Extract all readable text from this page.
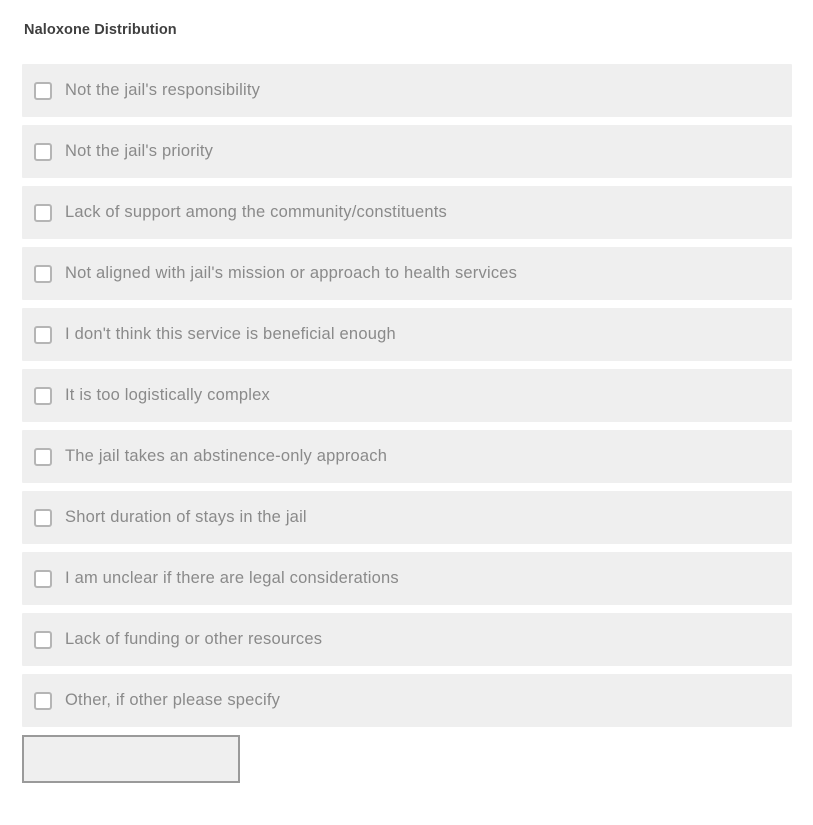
Naloxone Distribution
Not the jail's responsibility
Not the jail's priority
Lack of support among the community/constituents
Not aligned with jail's mission or approach to health services
I don't think this service is beneficial enough
It is too logistically complex
The jail takes an abstinence-only approach
Short duration of stays in the jail
I am unclear if there are legal considerations
Lack of funding or other resources
Other, if other please specify
